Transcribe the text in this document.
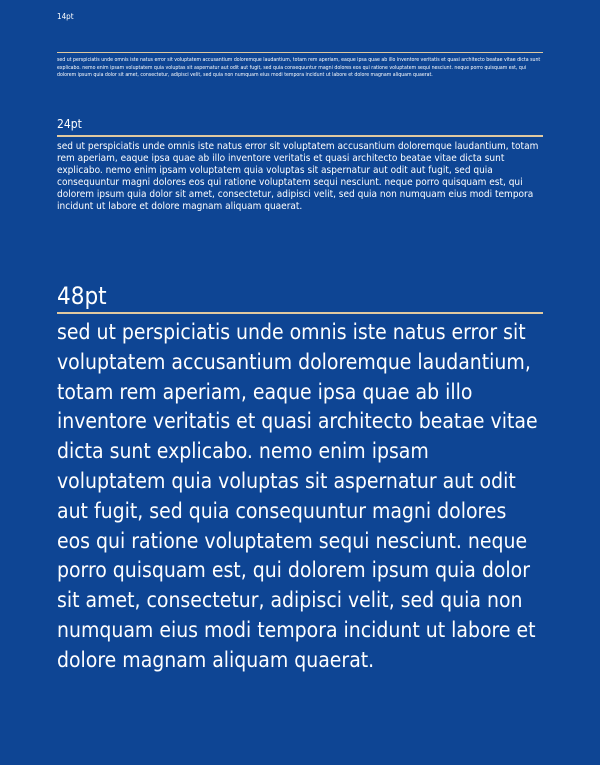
14pt
sed ut perspiciatis unde omnis iste natus error sit voluptatem accusantium doloremque laudantium, totam rem aperiam, eaque ipsa quae ab illo inventore veritatis et quasi architecto beatae vitae dicta sunt explicabo. nemo enim ipsam voluptatem quia voluptas sit aspernatur aut odit aut fugit, sed quia consequuntur magni dolores eos qui ratione voluptatem sequi nesciunt. neque porro quisquam est, qui dolorem ipsum quia dolor sit amet, consectetur, adipisci velit, sed quia non numquam eius modi tempora incidunt ut labore et dolore magnam aliquam quaerat.
24pt
sed ut perspiciatis unde omnis iste natus error sit voluptatem accusantium doloremque laudantium, totam rem aperiam, eaque ipsa quae ab illo inventore veritatis et quasi architecto beatae vitae dicta sunt explicabo. nemo enim ipsam voluptatem quia voluptas sit aspernatur aut odit aut fugit, sed quia consequuntur magni dolores eos qui ratione voluptatem sequi nesciunt. neque porro quisquam est, qui dolorem ipsum quia dolor sit amet, consectetur, adipisci velit, sed quia non numquam eius modi tempora incidunt ut labore et dolore magnam aliquam quaerat.
48pt
sed ut perspiciatis unde omnis iste natus error sit voluptatem accusantium doloremque laudantium, totam rem aperiam, eaque ipsa quae ab illo inventore veritatis et quasi architecto beatae vitae dicta sunt explicabo. nemo enim ipsam voluptatem quia voluptas sit aspernatur aut odit aut fugit, sed quia consequuntur magni dolores eos qui ratione voluptatem sequi nesciunt. neque porro quisquam est, qui dolorem ipsum quia dolor sit amet, consectetur, adipisci velit, sed quia non numquam eius modi tempora incidunt ut labore et dolore magnam aliquam quaerat.
